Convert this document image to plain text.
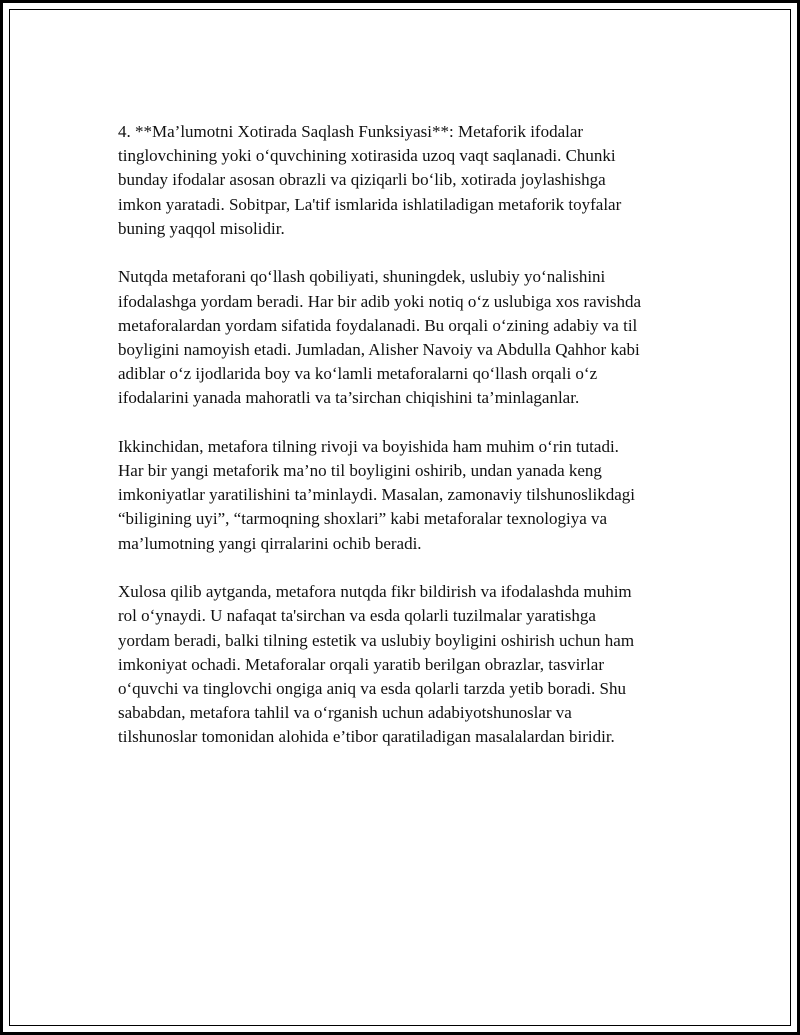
4. **Ma’lumotni Xotirada Saqlash Funksiyasi**: Metaforik ifodalar
tinglovchining yoki o‘quvchining xotirasida uzoq vaqt saqlanadi. Chunki
bunday ifodalar asosan obrazli va qiziqarli bo‘lib, xotirada joylashishga
imkon yaratadi. Sobitpar, La'tif ismlarida ishlatiladigan metaforik toyfalar
buning yaqqol misolidir.

Nutqda metaforani qo‘llash qobiliyati, shuningdek, uslubiy yo‘nalishini
ifodalashga yordam beradi. Har bir adib yoki notiq o‘z uslubiga xos ravishda
metaforalardan yordam sifatida foydalanadi. Bu orqali o‘zining adabiy va til
boyligini namoyish etadi. Jumladan, Alisher Navoiy va Abdulla Qahhor kabi
adiblar o‘z ijodlarida boy va ko‘lamli metaforalarni qo‘llash orqali o‘z
ifodalarini yanada mahoratli va ta’sirchan chiqishini ta’minlaganlar.

Ikkinchidan, metafora tilning rivoji va boyishida ham muhim o‘rin tutadi.
Har bir yangi metaforik ma’no til boyligini oshirib, undan yanada keng
imkoniyatlar yaratilishini ta’minlaydi. Masalan, zamonaviy tilshunoslikdagi
“biligining uyi”, “tarmoqning shoxlari” kabi metaforalar texnologiya va
ma’lumotning yangi qirralarini ochib beradi.

Xulosa qilib aytganda, metafora nutqda fikr bildirish va ifodalashda muhim
rol o‘ynaydi. U nafaqat ta'sirchan va esda qolarli tuzilmalar yaratishga
yordam beradi, balki tilning estetik va uslubiy boyligini oshirish uchun ham
imkoniyat ochadi. Metaforalar orqali yaratib berilgan obrazlar, tasvirlar
o‘quvchi va tinglovchi ongiga aniq va esda qolarli tarzda yetib boradi. Shu
sababdan, metafora tahlil va o‘rganish uchun adabiyotshunoslar va
tilshunoslar tomonidan alohida e’tibor qaratiladigan masalalardan biridir.
